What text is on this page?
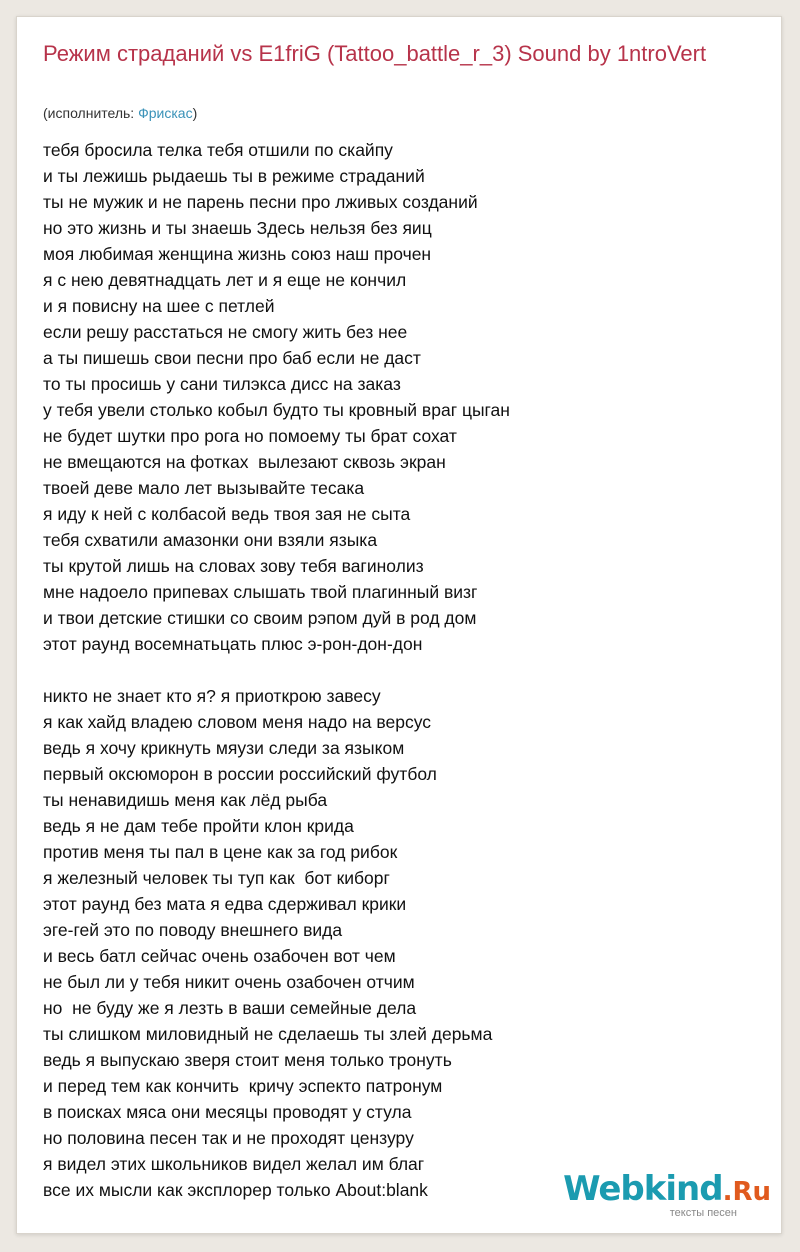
Режим страданий vs E1friG (Tattoo_battle_r_3) Sound by 1ntroVert
(исполнитель: Фрискас)
тебя бросила телка тебя отшили по скайпу
и ты лежишь рыдаешь ты в режиме страданий
ты не мужик и не парень песни про лживых созданий
но это жизнь и ты знаешь Здесь нельзя без яиц
моя любимая женщина жизнь союз наш прочен
я с нею девятнадцать лет и я еще не кончил
и я повисну на шее с петлей
если решу расстаться не смогу жить без нее
а ты пишешь свои песни про баб если не даст
то ты просишь у сани тилэкса дисс на заказ
у тебя увели столько кобыл будто ты кровный враг цыган
не будет шутки про рога но помоему ты брат сохат
не вмещаются на фотках  вылезают сквозь экран
твоей деве мало лет вызывайте тесака
я иду к ней с колбасой ведь твоя зая не сыта
тебя схватили амазонки они взяли языка
ты крутой лишь на словах зову тебя вагинолиз
мне надоело припевах слышать твой плагинный визг
и твои детские стишки со своим рэпом дуй в род дом
этот раунд восемнатьцать плюс э-рон-дон-дон
никто не знает кто я? я приоткрою завесу
я как хайд владею словом меня надо на версус
ведь я хочу крикнуть мяузи следи за языком
первый оксюморон в россии российский футбол
ты ненавидишь меня как лёд рыба
ведь я не дам тебе пройти клон крида
против меня ты пал в цене как за год рибок
я железный человек ты туп как  бот киборг
этот раунд без мата я едва сдерживал крики
эге-гей это по поводу внешнего вида
и весь батл сейчас очень озабочен вот чем
не был ли у тебя никит очень озабочен отчим
но  не буду же я лезть в ваши семейные дела
ты слишком миловидный не сделаешь ты злей дерьма
ведь я выпускаю зверя стоит меня только тронуть
и перед тем как кончить  кричу эспекто патронум
в поисках мяса они месяцы проводят у стула
но половина песен так и не проходят цензуру
я видел этих школьников видел желал им благ
все их мысли как эксплорер только About:blank	Webkind.Ru
тексты песен
